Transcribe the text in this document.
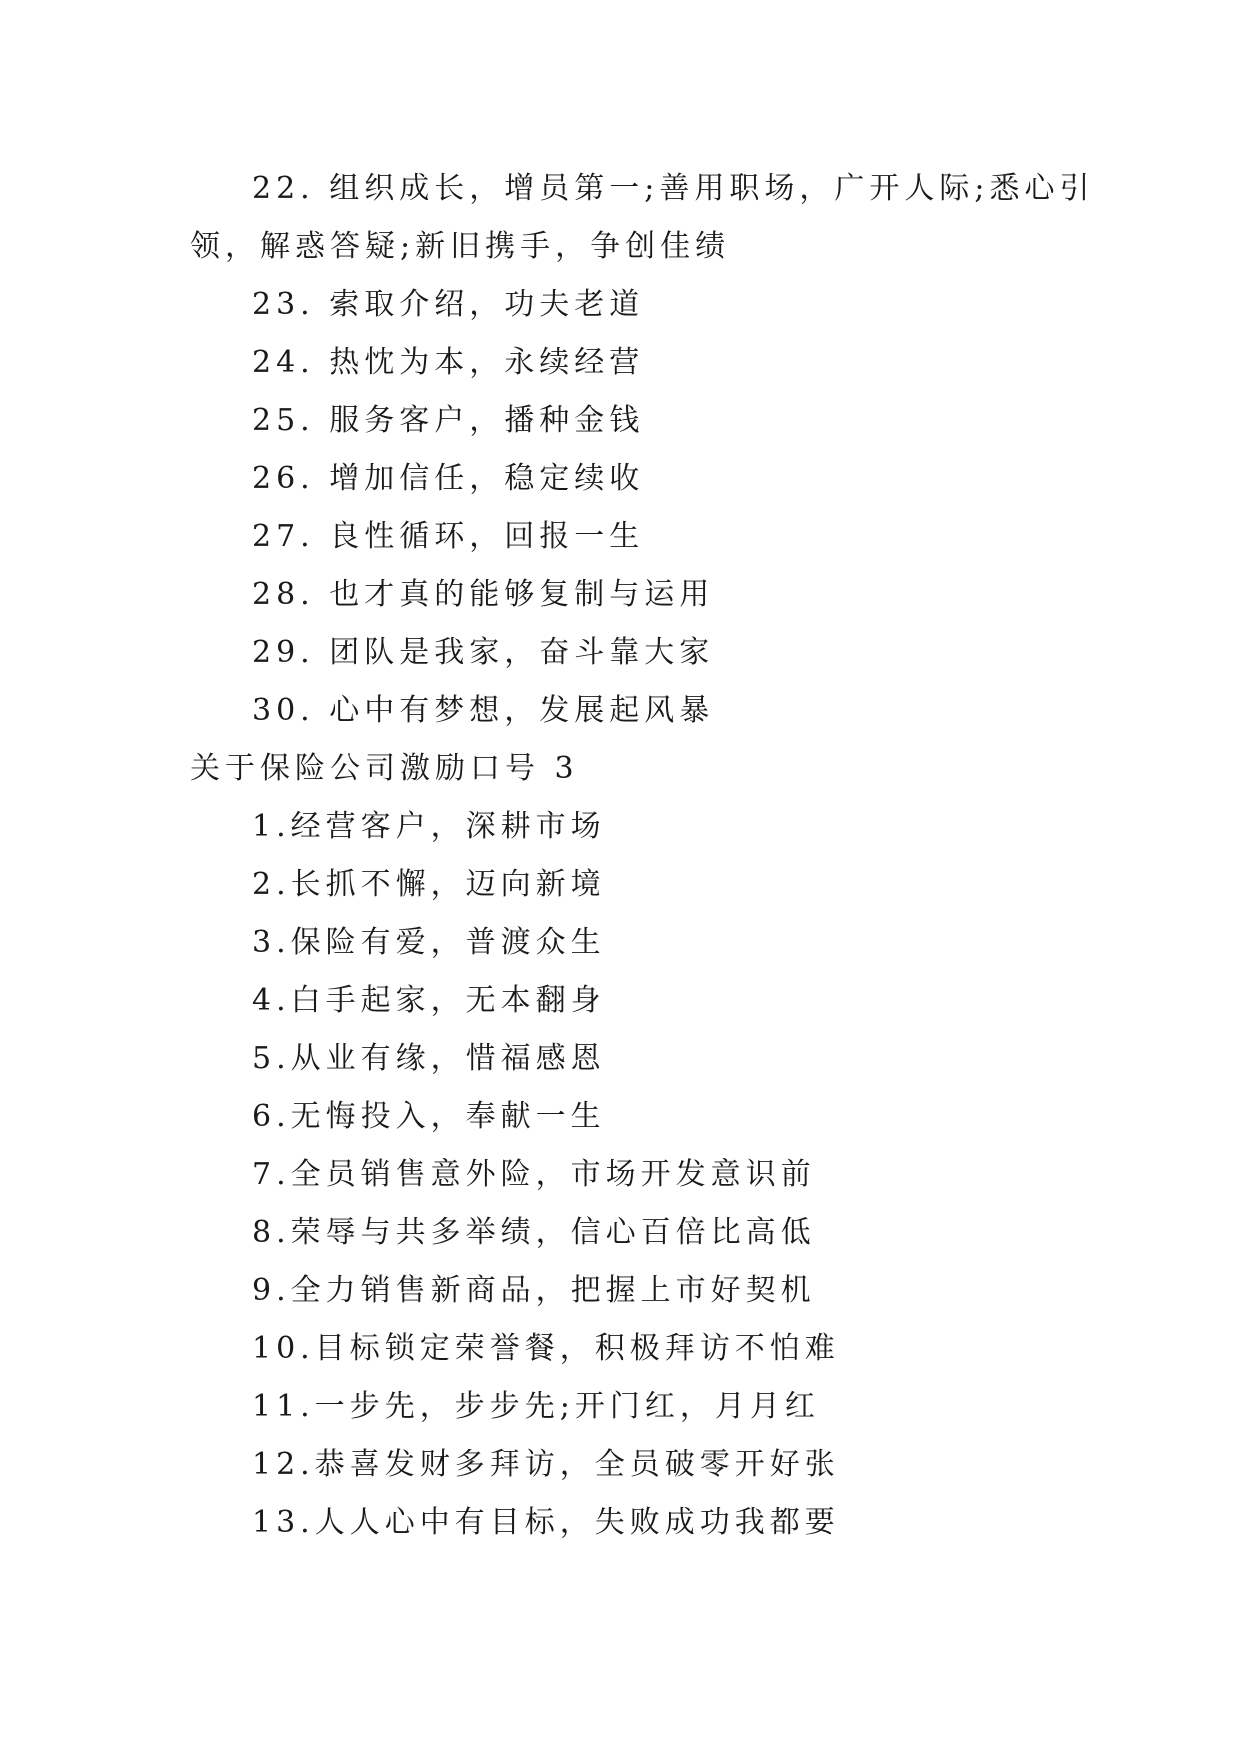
22. 组织成长，增员第一;善用职场，广开人际;悉心引
领，解惑答疑;新旧携手，争创佳绩
23. 索取介绍，功夫老道
24. 热忱为本，永续经营
25. 服务客户，播种金钱
26. 增加信任，稳定续收
27. 良性循环，回报一生
28. 也才真的能够复制与运用
29. 团队是我家，奋斗靠大家
30. 心中有梦想，发展起风暴
关于保险公司激励口号 3
1.经营客户，深耕市场
2.长抓不懈，迈向新境
3.保险有爱，普渡众生
4.白手起家，无本翻身
5.从业有缘，惜福感恩
6.无悔投入，奉献一生
7.全员销售意外险，市场开发意识前
8.荣辱与共多举绩，信心百倍比高低
9.全力销售新商品，把握上市好契机
10.目标锁定荣誉餐，积极拜访不怕难
11.一步先，步步先;开门红，月月红
12.恭喜发财多拜访，全员破零开好张
13.人人心中有目标，失败成功我都要
